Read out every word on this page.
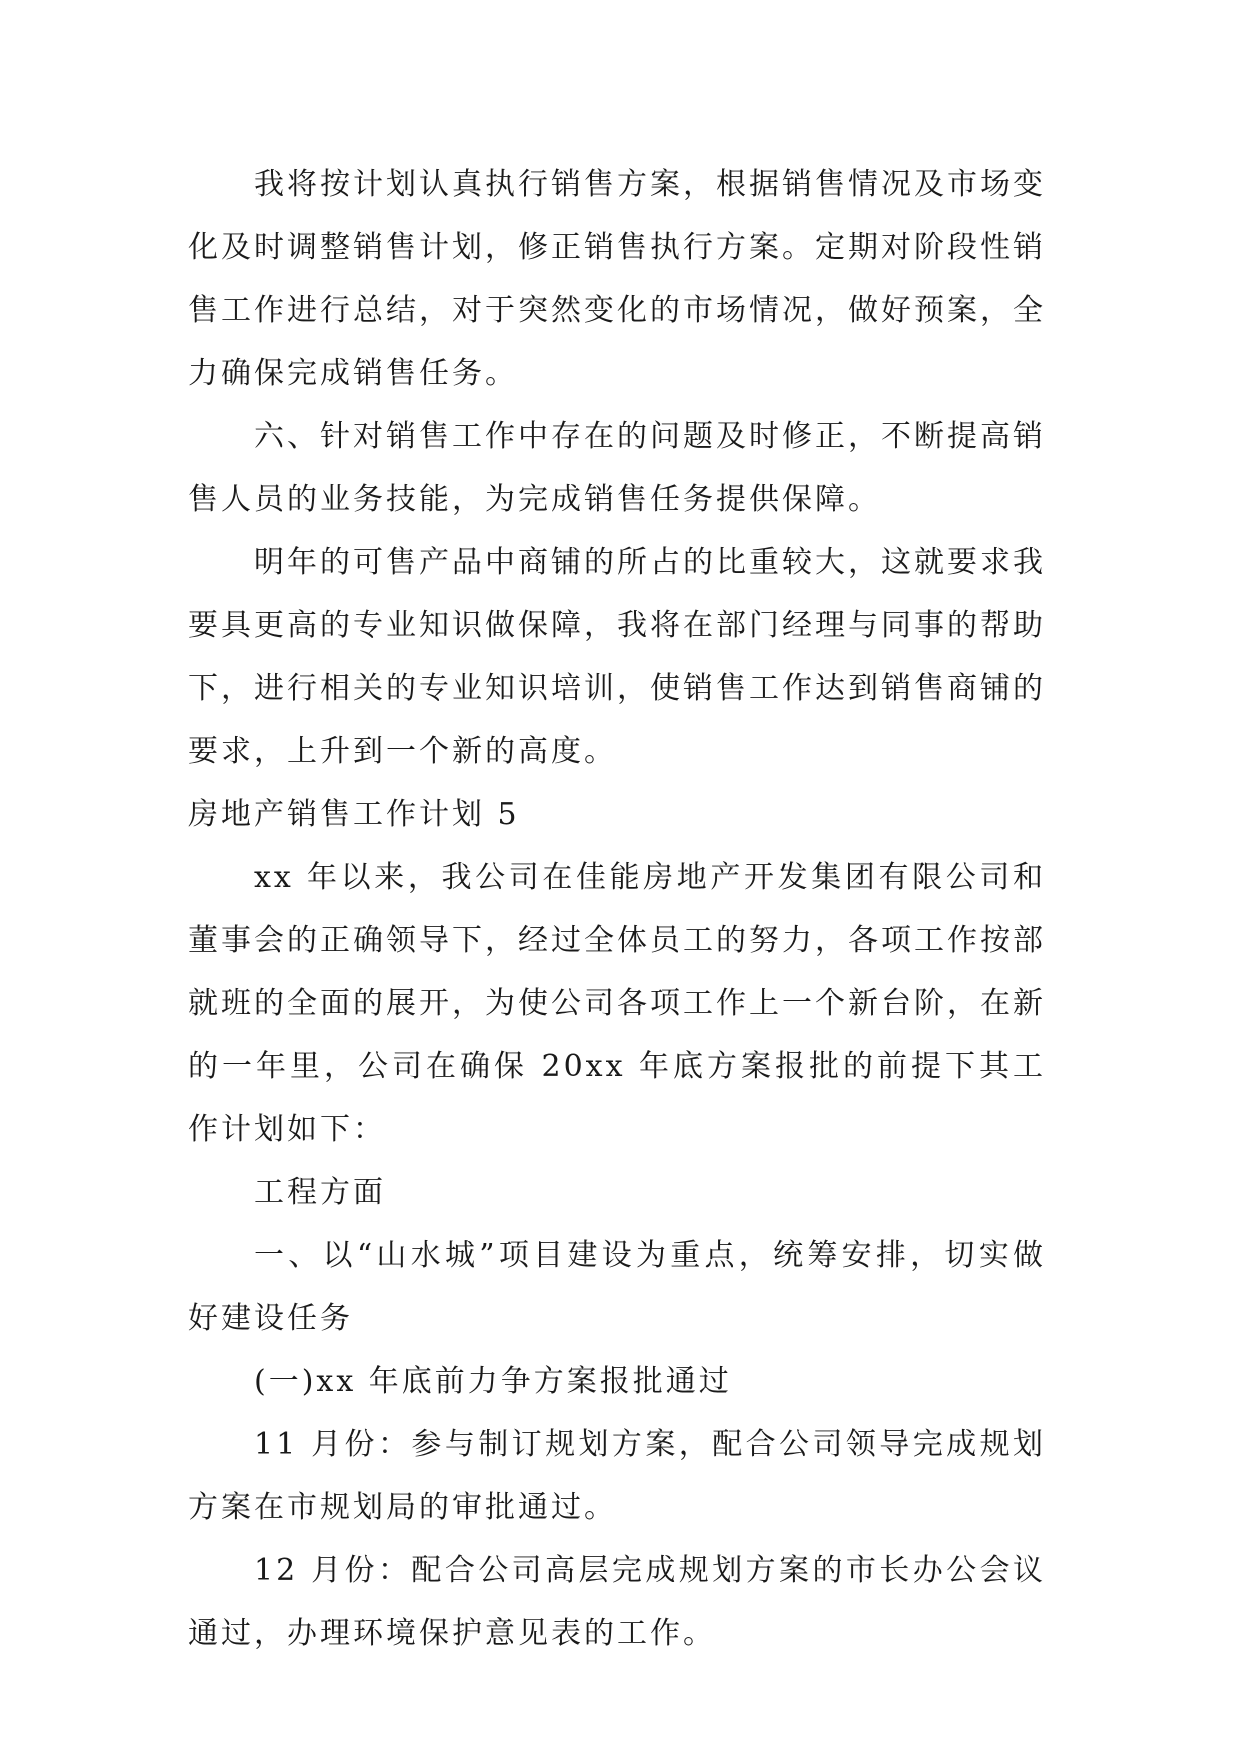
我将按计划认真执行销售方案，根据销售情况及市场变化及时调整销售计划，修正销售执行方案。定期对阶段性销售工作进行总结，对于突然变化的市场情况，做好预案，全力确保完成销售任务。

六、针对销售工作中存在的问题及时修正，不断提高销售人员的业务技能，为完成销售任务提供保障。

明年的可售产品中商铺的所占的比重较大，这就要求我要具更高的专业知识做保障，我将在部门经理与同事的帮助下，进行相关的专业知识培训，使销售工作达到销售商铺的要求，上升到一个新的高度。

房地产销售工作计划 5

xx 年以来，我公司在佳能房地产开发集团有限公司和董事会的正确领导下，经过全体员工的努力，各项工作按部就班的全面的展开，为使公司各项工作上一个新台阶，在新的一年里，公司在确保 20xx 年底方案报批的前提下其工作计划如下：

工程方面

一、以“山水城”项目建设为重点，统筹安排，切实做好建设任务

(一)xx 年底前力争方案报批通过

11 月份：参与制订规划方案，配合公司领导完成规划方案在市规划局的审批通过。

12 月份：配合公司高层完成规划方案的市长办公会议通过，办理环境保护意见表的工作。
